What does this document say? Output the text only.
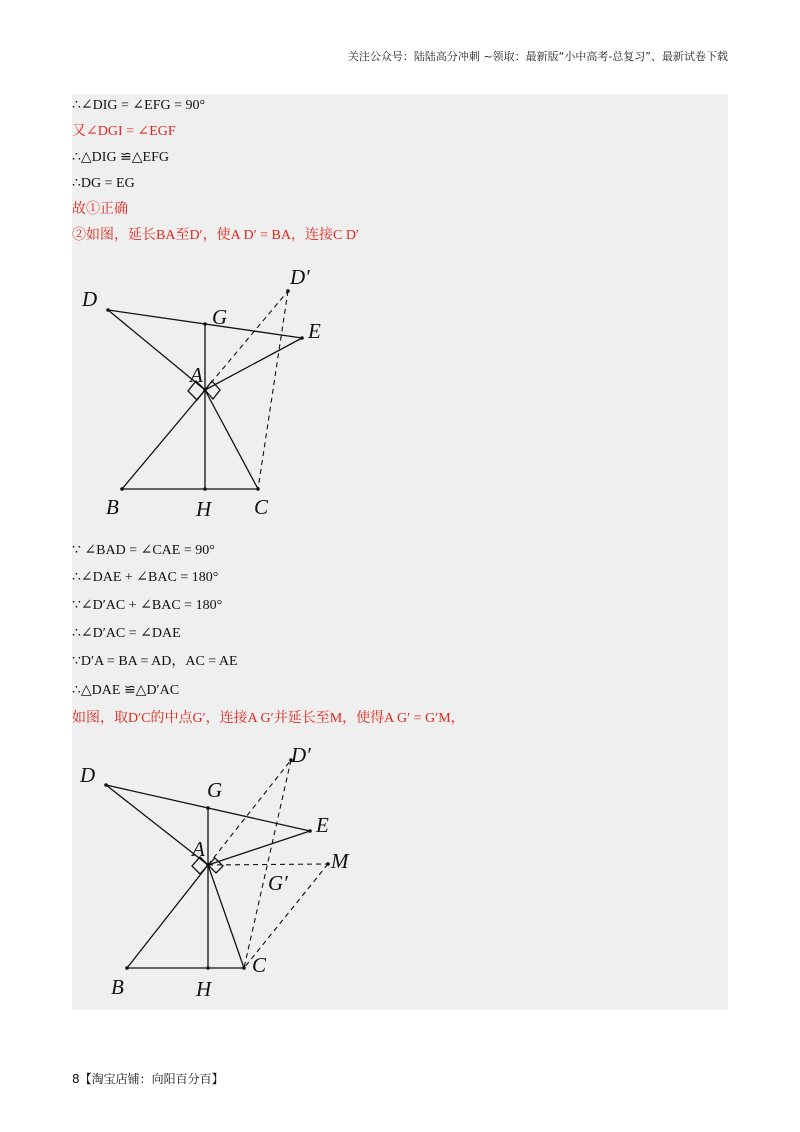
关注公众号：陆陆高分冲刺 ~领取：最新版“小中高考-总复习”、最新试卷下载
∴∠DIG = ∠EFG = 90°
又∠DGI = ∠EGF
∴△DIG ≌△EFG
∴DG = EG
故①正确
②如图，延长BA至D′，使A D′ = BA，连接C D′
D
G
D′
E
A
B	H C
∵ ∠BAD = ∠CAE = 90°
∴∠DAE + ∠BAC = 180°
∵∠D′AC + ∠BAC = 180°
∴∠D′AC = ∠DAE
∵D′A = BA = AD，AC = AE
∴△DAE ≌△D′AC
如图，取D′C的中点G′，连接A G′并延长至M，使得A G′ = G′M，
D
G
D′
E
A	M
G′
B	H
C
8【淘宝店铺：向阳百分百】
